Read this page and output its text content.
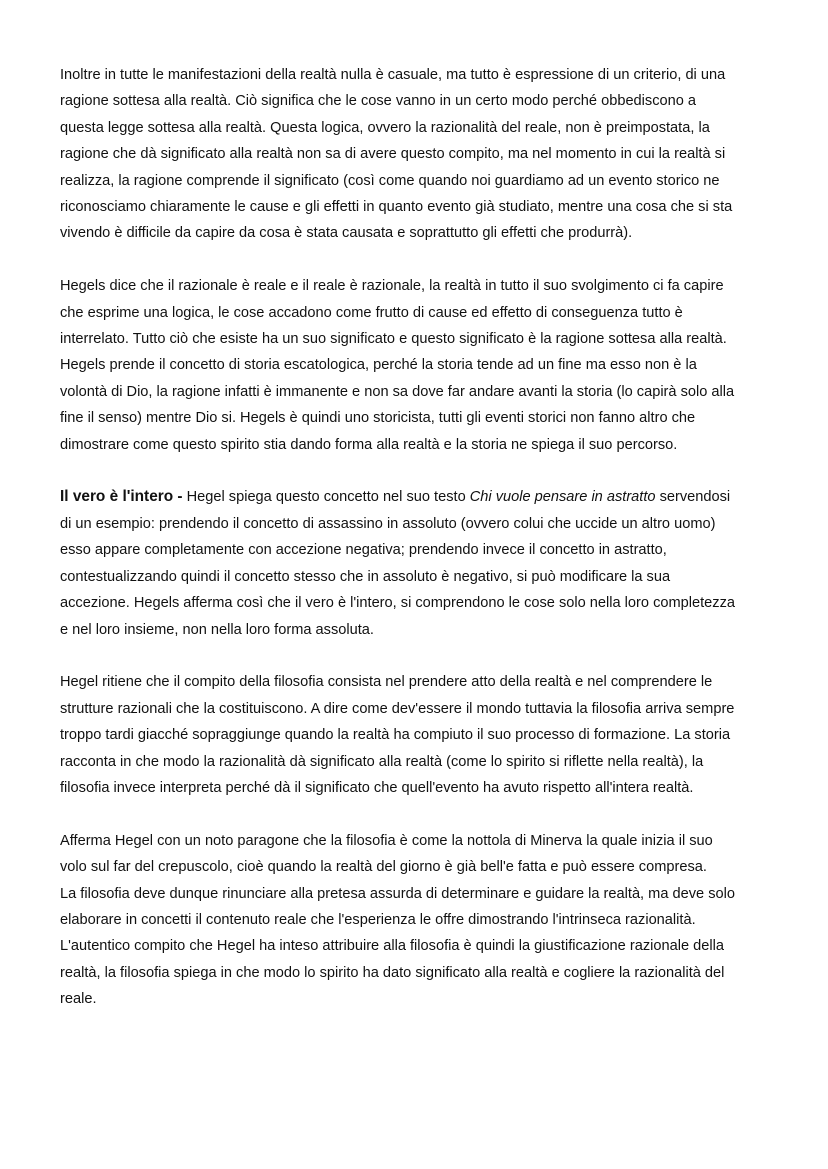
Inoltre in tutte le manifestazioni della realtà nulla è casuale, ma tutto è espressione di un criterio, di una
ragione sottesa alla realtà. Ciò significa che le cose vanno in un certo modo perché obbediscono a
questa legge sottesa alla realtà. Questa logica, ovvero la razionalità del reale, non è preimpostata, la
ragione che dà significato alla realtà non sa di avere questo compito, ma nel momento in cui la realtà si
realizza, la ragione comprende il significato (così come quando noi guardiamo ad un evento storico ne
riconosciamo chiaramente le cause e gli effetti in quanto evento già studiato, mentre una cosa che si sta
vivendo è difficile da capire da cosa è stata causata e soprattutto gli effetti che produrrà).

Hegels dice che il razionale è reale e il reale è razionale, la realtà in tutto il suo svolgimento ci fa capire
che esprime una logica, le cose accadono come frutto di cause ed effetto di conseguenza tutto è
interrelato. Tutto ciò che esiste ha un suo significato e questo significato è la ragione sottesa alla realtà.
Hegels prende il concetto di storia escatologica, perché la storia tende ad un fine ma esso non è la
volontà di Dio, la ragione infatti è immanente e non sa dove far andare avanti la storia (lo capirà solo alla
fine il senso) mentre Dio si. Hegels è quindi uno storicista, tutti gli eventi storici non fanno altro che
dimostrare come questo spirito stia dando forma alla realtà e la storia ne spiega il suo percorso.

Il vero è l'intero - Hegel spiega questo concetto nel suo testo Chi vuole pensare in astratto servendosi
di un esempio: prendendo il concetto di assassino in assoluto (ovvero colui che uccide un altro uomo)
esso appare completamente con accezione negativa; prendendo invece il concetto in astratto,
contestualizzando quindi il concetto stesso che in assoluto è negativo, si può modificare la sua
accezione. Hegels afferma così che il vero è l'intero, si comprendono le cose solo nella loro completezza
e nel loro insieme, non nella loro forma assoluta.

Hegel ritiene che il compito della filosofia consista nel prendere atto della realtà e nel comprendere le
strutture razionali che la costituiscono. A dire come dev'essere il mondo tuttavia la filosofia arriva sempre
troppo tardi giacché sopraggiunge quando la realtà ha compiuto il suo processo di formazione. La storia
racconta in che modo la razionalità dà significato alla realtà (come lo spirito si riflette nella realtà), la
filosofia invece interpreta perché dà il significato che quell'evento ha avuto rispetto all'intera realtà.

Afferma Hegel con un noto paragone che la filosofia è come la nottola di Minerva la quale inizia il suo
volo sul far del crepuscolo, cioè quando la realtà del giorno è già bell'e fatta e può essere compresa.
La filosofia deve dunque rinunciare alla pretesa assurda di determinare e guidare la realtà, ma deve solo
elaborare in concetti il contenuto reale che l'esperienza le offre dimostrando l'intrinseca razionalità.
L'autentico compito che Hegel ha inteso attribuire alla filosofia è quindi la giustificazione razionale della
realtà, la filosofia spiega in che modo lo spirito ha dato significato alla realtà e cogliere la razionalità del
reale.
